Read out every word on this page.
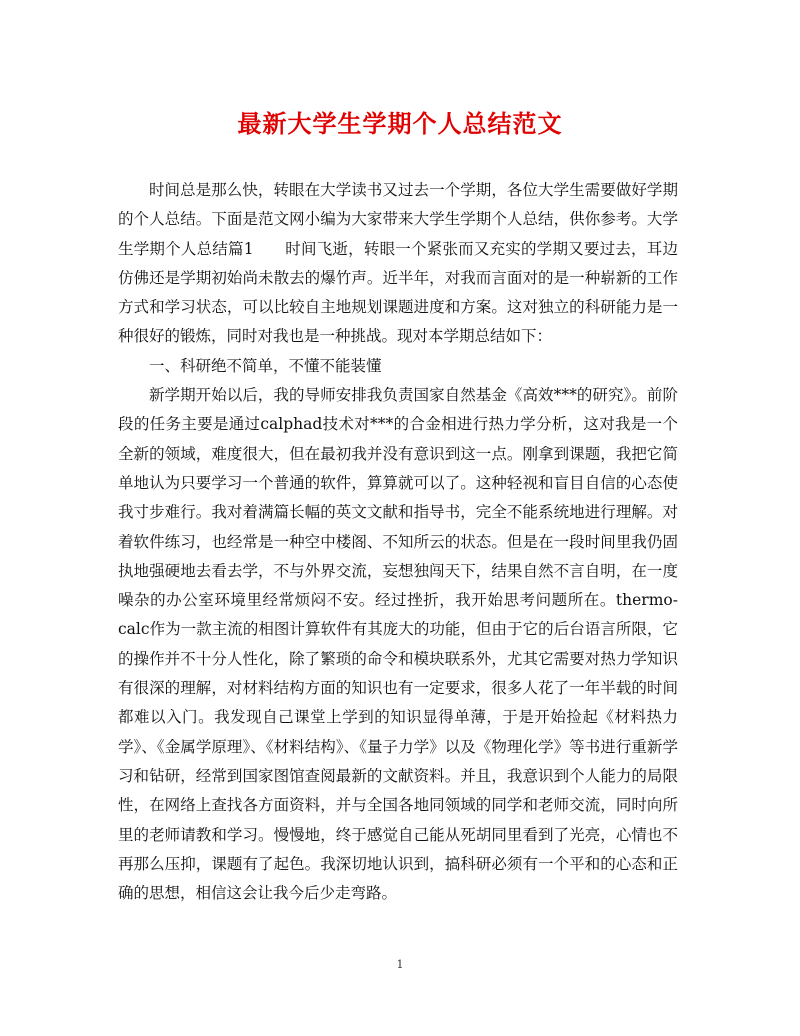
最新大学生学期个人总结范文

时间总是那么快，转眼在大学读书又过去一个学期，各位大学生需要做好学期的个人总结。下面是范文网小编为大家带来大学生学期个人总结，供你参考。大学生学期个人总结篇1　　时间飞逝，转眼一个紧张而又充实的学期又要过去，耳边仿佛还是学期初始尚未散去的爆竹声。近半年，对我而言面对的是一种崭新的工作方式和学习状态，可以比较自主地规划课题进度和方案。这对独立的科研能力是一种很好的锻炼，同时对我也是一种挑战。现对本学期总结如下：

一、科研绝不简单，不懂不能装懂

新学期开始以后，我的导师安排我负责国家自然基金《高效***的研究》。前阶段的任务主要是通过calphad技术对***的合金相进行热力学分析，这对我是一个全新的领域，难度很大，但在最初我并没有意识到这一点。刚拿到课题，我把它简单地认为只要学习一个普通的软件，算算就可以了。这种轻视和盲目自信的心态使我寸步难行。我对着满篇长幅的英文文献和指导书，完全不能系统地进行理解。对着软件练习，也经常是一种空中楼阁、不知所云的状态。但是在一段时间里我仍固执地强硬地去看去学，不与外界交流，妄想独闯天下，结果自然不言自明，在一度噪杂的办公室环境里经常烦闷不安。经过挫折，我开始思考问题所在。thermo-calc作为一款主流的相图计算软件有其庞大的功能，但由于它的后台语言所限，它的操作并不十分人性化，除了繁琐的命令和模块联系外，尤其它需要对热力学知识有很深的理解，对材料结构方面的知识也有一定要求，很多人花了一年半载的时间都难以入门。我发现自己课堂上学到的知识显得单薄，于是开始捡起《材料热力学》、《金属学原理》、《材料结构》、《量子力学》以及《物理化学》等书进行重新学习和钻研，经常到国家图馆查阅最新的文献资料。并且，我意识到个人能力的局限性，在网络上查找各方面资料，并与全国各地同领域的同学和老师交流，同时向所里的老师请教和学习。慢慢地，终于感觉自己能从死胡同里看到了光亮，心情也不再那么压抑，课题有了起色。我深切地认识到，搞科研必须有一个平和的心态和正确的思想，相信这会让我今后少走弯路。

1
